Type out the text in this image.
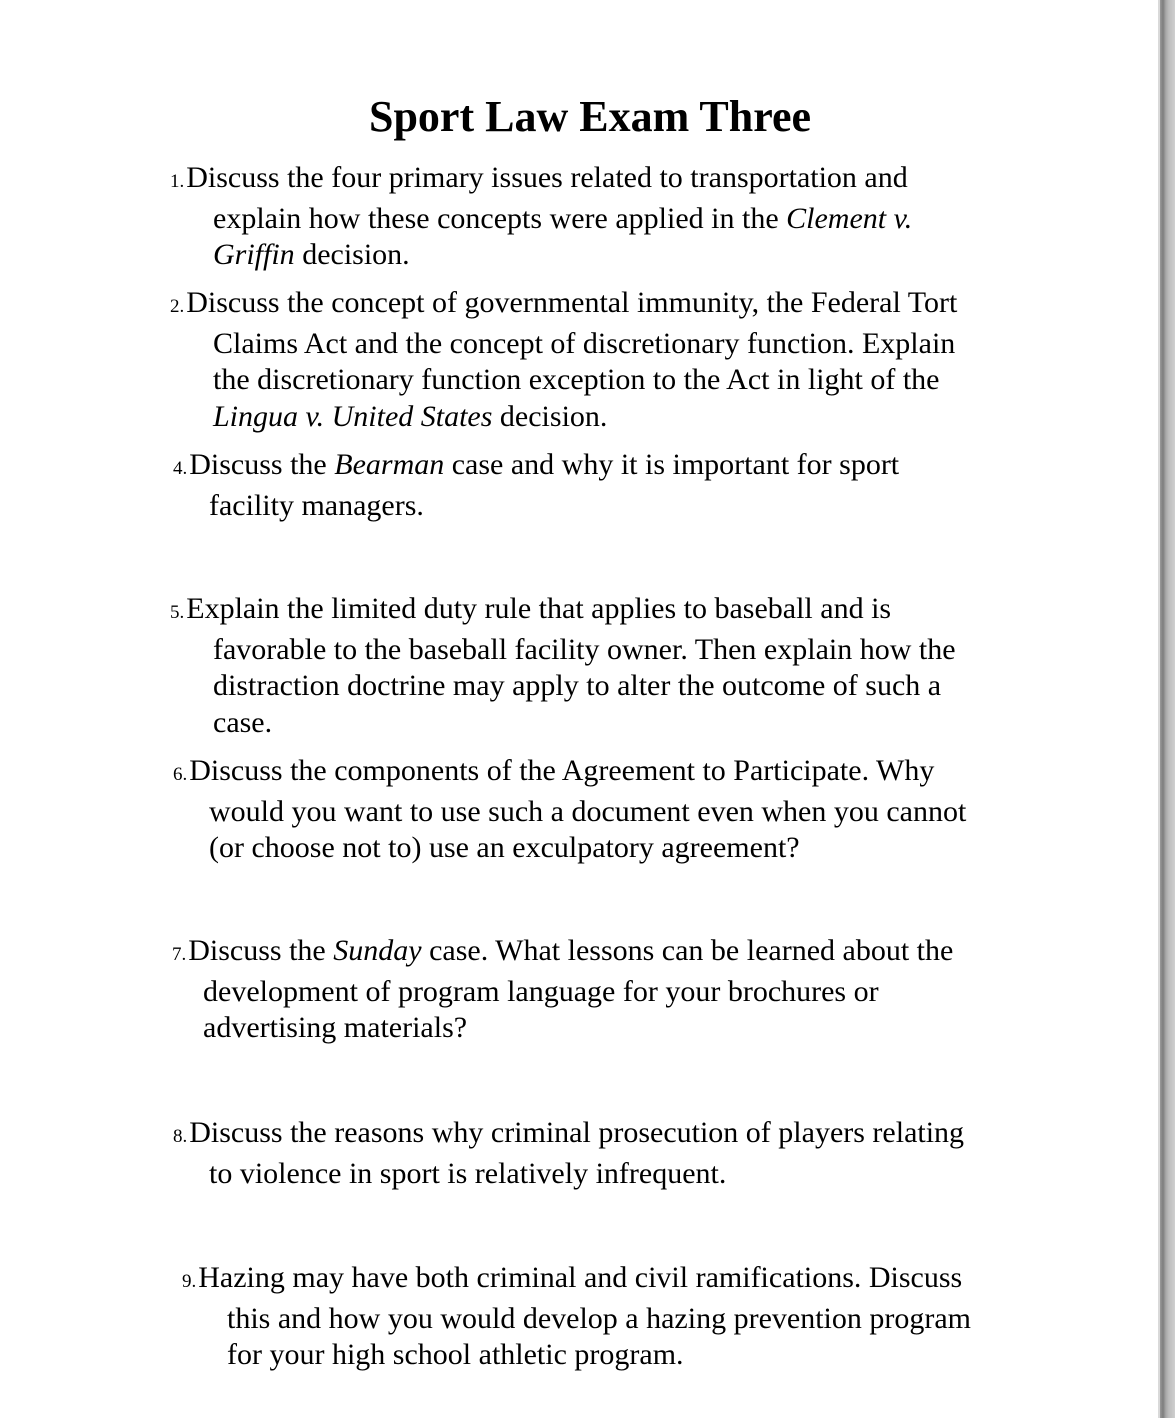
Sport Law Exam Three
1.Discuss the four primary issues related to transportation and
explain how these concepts were applied in the Clement v.
Griffin decision.
2.Discuss the concept of governmental immunity, the Federal Tort
Claims Act and the concept of discretionary function. Explain
the discretionary function exception to the Act in light of the
Lingua v. United States decision.
4.Discuss the Bearman case and why it is important for sport
facility managers.
5.Explain the limited duty rule that applies to baseball and is
favorable to the baseball facility owner. Then explain how the
distraction doctrine may apply to alter the outcome of such a
case.
6.Discuss the components of the Agreement to Participate. Why
would you want to use such a document even when you cannot
(or choose not to) use an exculpatory agreement?
7.Discuss the Sunday case. What lessons can be learned about the
development of program language for your brochures or
advertising materials?
8.Discuss the reasons why criminal prosecution of players relating
to violence in sport is relatively infrequent.
9.Hazing may have both criminal and civil ramifications. Discuss
this and how you would develop a hazing prevention program
for your high school athletic program.
